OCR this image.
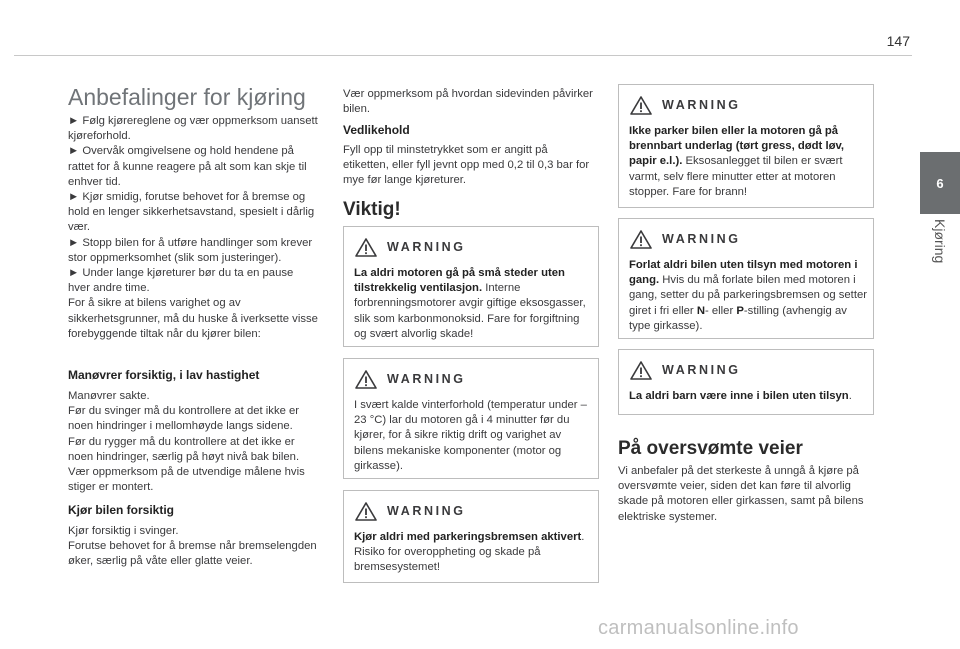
147
6
Kjøring
Anbefalinger for kjøring

► Følg kjørereglene og vær oppmerksom uansett kjøreforhold.

► Overvåk omgivelsene og hold hendene på rattet for å kunne reagere på alt som kan skje til enhver tid.

► Kjør smidig, forutse behovet for å bremse og hold en lenger sikkerhetsavstand, spesielt i dårlig vær.

► Stopp bilen for å utføre handlinger som krever stor oppmerksomhet (slik som justeringer).

► Under lange kjøreturer bør du ta en pause hver andre time.

For å sikre at bilens varighet og av sikkerhetsgrunner, må du huske å iverksette visse forebyggende tiltak når du kjører bilen:

Manøvrer forsiktig, i lav hastighet

Manøvrer sakte.

Før du svinger må du kontrollere at det ikke er noen hindringer i mellomhøyde langs sidene.

Før du rygger må du kontrollere at det ikke er noen hindringer, særlig på høyt nivå bak bilen.

Vær oppmerksom på de utvendige målene hvis stiger er montert.

Kjør bilen forsiktig

Kjør forsiktig i svinger.

Forutse behovet for å bremse når bremselengden øker, særlig på våte eller glatte veier.

Vær oppmerksom på hvordan sidevinden påvirker bilen.

Vedlikehold

Fyll opp til minstetrykket som er angitt på etiketten, eller fyll jevnt opp med 0,2 til 0,3 bar for mye før lange kjøreturer.

Viktig!
WARNING
La aldri motoren gå på små steder uten tilstrekkelig ventilasjon. Interne forbrenningsmotorer avgir giftige eksosgasser, slik som karbonmonoksid. Fare for forgiftning og svært alvorlig skade!
WARNING
I svært kalde vinterforhold (temperatur under –23 °C) lar du motoren gå i 4 minutter før du kjører, for å sikre riktig drift og varighet av bilens mekaniske komponenter (motor og girkasse).
WARNING
Kjør aldri med parkeringsbremsen aktivert. Risiko for overoppheting og skade på bremsesystemet!
WARNING
Ikke parker bilen eller la motoren gå på brennbart underlag (tørt gress, dødt løv, papir e.l.). Eksosanlegget til bilen er svært varmt, selv flere minutter etter at motoren stopper. Fare for brann!
WARNING
Forlat aldri bilen uten tilsyn med motoren i gang. Hvis du må forlate bilen med motoren i gang, setter du på parkeringsbremsen og setter giret i fri eller N- eller P-stilling (avhengig av type girkasse).
WARNING
La aldri barn være inne i bilen uten tilsyn.
På oversvømte veier

Vi anbefaler på det sterkeste å unngå å kjøre på oversvømte veier, siden det kan føre til alvorlig skade på motoren eller girkassen, samt på bilens elektriske systemer.

carmanualsonline.info
